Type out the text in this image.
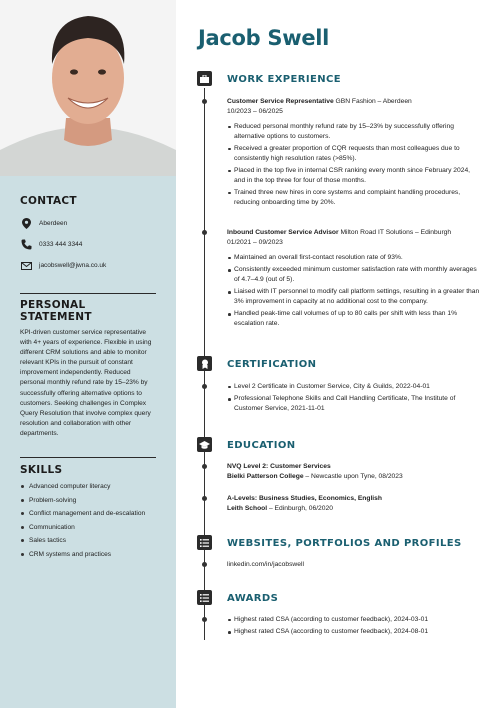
CONTACT
Aberdeen
0333 444 3344
jacobswell@jwna.co.uk
PERSONAL STATEMENT
KPI-driven customer service representative with 4+ years of experience. Flexible in using different CRM solutions and able to monitor relevant KPIs in the pursuit of constant improvement independently. Reduced personal monthly refund rate by 15–23% by successfully offering alternative options to customers. Seeking challenges in Complex Query Resolution that involve complex query resolution and collaboration with other departments.
SKILLS
Advanced computer literacy
Problem-solving
Conflict management and de-escalation
Communication
Sales tactics
CRM systems and practices
Jacob Swell
WORK EXPERIENCE
Customer Service Representative GBN Fashion – Aberdeen
10/2023 – 06/2025
Reduced personal monthly refund rate by 15–23% by successfully offering alternative options to customers.
Received a greater proportion of CQR requests than most colleagues due to consistently high resolution rates (>85%).
Placed in the top five in internal CSR ranking every month since February 2024, and in the top three for four of those months.
Trained three new hires in core systems and complaint handling procedures, reducing onboarding time by 20%.
Inbound Customer Service Advisor Milton Road IT Solutions – Edinburgh
01/2021 – 09/2023
Maintained an overall first-contact resolution rate of 93%.
Consistently exceeded minimum customer satisfaction rate with monthly averages of 4.7–4.9 (out of 5).
Liaised with IT personnel to modify call platform settings, resulting in a greater than 3% improvement in capacity at no additional cost to the company.
Handled peak-time call volumes of up to 80 calls per shift with less than 1% escalation rate.
CERTIFICATION
Level 2 Certificate in Customer Service, City & Guilds, 2022-04-01
Professional Telephone Skills and Call Handling Certificate, The Institute of Customer Service, 2021-11-01
EDUCATION
NVQ Level 2: Customer Services
Bielki Patterson College – Newcastle upon Tyne, 08/2023
A-Levels: Business Studies, Economics, English
Leith School – Edinburgh, 06/2020
WEBSITES, PORTFOLIOS AND PROFILES
linkedin.com/in/jacobswell
AWARDS
Highest rated CSA (according to customer feedback), 2024-03-01
Highest rated CSA (according to customer feedback), 2024-08-01
